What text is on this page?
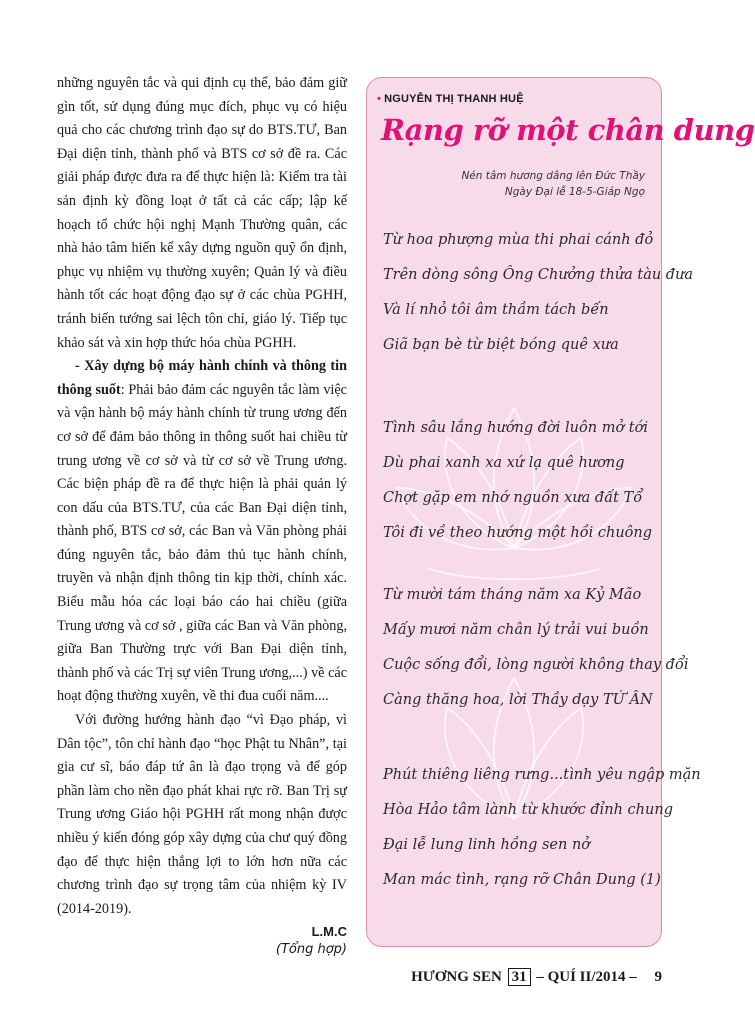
những nguyên tắc và qui định cụ thể, bảo đảm giữ gìn tốt, sử dụng đúng mục đích, phục vụ có hiệu quả cho các chương trình đạo sự do BTS.TƯ, Ban Đại diện tỉnh, thành phố và BTS cơ sở đề ra. Các giải pháp được đưa ra để thực hiện là: Kiểm tra tài sản định kỳ đồng loạt ở tất cả các cấp; lập kế hoạch tổ chức hội nghị Mạnh Thường quân, các nhà hảo tâm hiến kế xây dựng nguồn quỹ ổn định, phục vụ nhiệm vụ thường xuyên; Quản lý và điều hành tốt các hoạt động đạo sự ở các chùa PGHH, tránh biến tướng sai lệch tôn chỉ, giáo lý. Tiếp tục khảo sát và xin hợp thức hóa chùa PGHH.

- Xây dựng bộ máy hành chính và thông tin thông suốt: Phải bảo đảm các nguyên tắc làm việc và vận hành bộ máy hành chính từ trung ương đến cơ sở để đảm bảo thông in thông suốt hai chiều từ trung ương về cơ sở và từ cơ sở về Trung ương. Các biện pháp đề ra để thực hiện là phải quản lý con dấu của BTS.TƯ, của các Ban Đại diện tỉnh, thành phố, BTS cơ sở, các Ban và Văn phòng phải đúng nguyên tắc, bảo đảm thủ tục hành chính, truyền và nhận định thông tin kịp thời, chính xác. Biểu mẫu hóa các loại báo cáo hai chiều (giữa Trung ương và cơ sở , giữa các Ban và Văn phòng, giữa Ban Thường trực với Ban Đại diện tỉnh, thành phố và các Trị sự viên Trung ương,...) về các hoạt động thường xuyên, về thi đua cuối năm....

Với đường hướng hành đạo “vì Đạo pháp, vì Dân tộc”, tôn chỉ hành đạo “học Phật tu Nhân”, tại gia cư sĩ, báo đáp tứ ân là đạo trọng và để góp phần làm cho nền đạo phát khai rực rỡ. Ban Trị sự Trung ương Giáo hội PGHH rất mong nhận được nhiều ý kiến đóng góp xây dựng của chư quý đồng đạo để thực hiện thắng lợi to lớn hơn nữa các chương trình đạo sự trọng tâm của nhiệm kỳ IV (2014-2019).

L.M.C
(Tổng hợp)
• NGUYỄN THỊ THANH HUỆ
Rạng rỡ một chân dung
Nén tâm hương dâng lên Đức Thầy
Ngày Đại lễ 18-5-Giáp Ngọ
Từ hoa phượng mùa thi phai cánh đỏ
Trên dòng sông Ông Chưởng thửa tàu đưa
Và lí nhỏ tôi âm thầm tách bến
Giã bạn bè từ biệt bóng quê xưa
Tình sâu lắng hướng đời luôn mở tới
Dù phai xanh xa xứ lạ quê hương
Chợt gặp em nhớ nguồn xưa đất Tổ
Tôi đi về theo hướng một hồi chuông
Từ mười tám tháng năm xa Kỷ Mão
Mấy mươi năm chân lý trải vui buồn
Cuộc sống đổi, lòng người không thay đổi
Càng thăng hoa, lời Thầy dạy TỨ ÂN
Phút thiêng liêng rưng...tình yêu ngập mặn
Hòa Hảo tâm lành từ khước đỉnh chung
Đại lễ lung linh hồng sen nở
Man mác tình, rạng rỡ Chân Dung (1)
HƯƠNG SEN 31 – QUÍ II/2014 – 9
